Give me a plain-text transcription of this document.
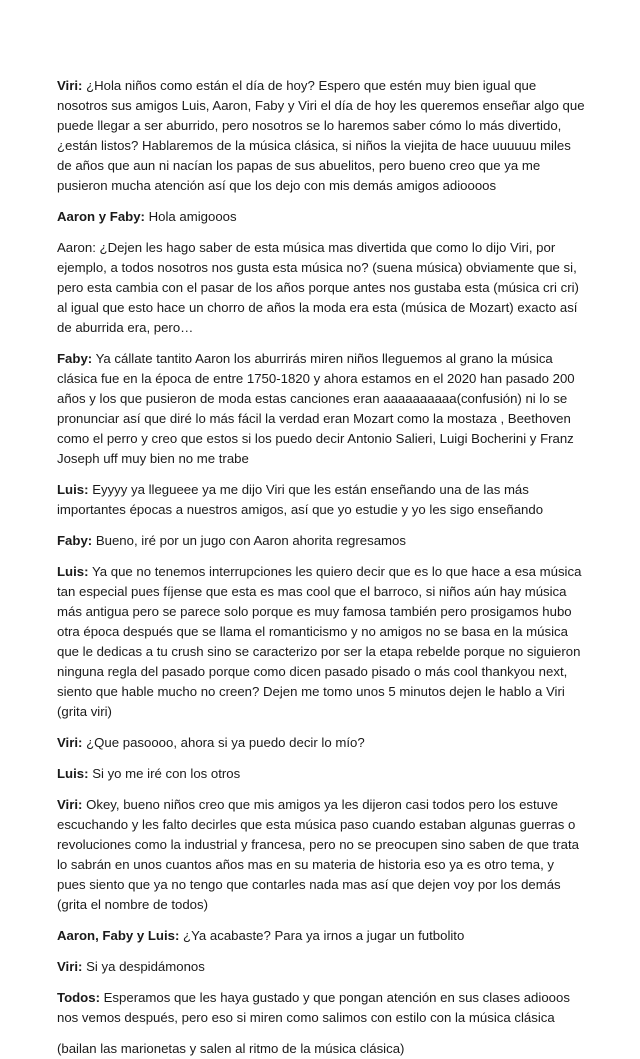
Viri: ¿Hola niños como están el día de hoy? Espero que estén muy bien igual que nosotros sus amigos Luis, Aaron, Faby y Viri el día de hoy les queremos enseñar algo que puede llegar a ser aburrido, pero nosotros se lo haremos saber cómo lo más divertido, ¿están listos? Hablaremos de la música clásica, si niños la viejita de hace uuuuuu miles de años que aun ni nacían los papas de sus abuelitos, pero bueno creo que ya me pusieron mucha atención así que los dejo con mis demás amigos adioooos

Aaron y Faby: Hola amigooos

Aaron: ¿Dejen les hago saber de esta música mas divertida que como lo dijo Viri, por ejemplo, a todos nosotros nos gusta esta música no? (suena música) obviamente que si, pero esta cambia con el pasar de los años porque antes nos gustaba esta (música cri cri) al igual que esto hace un chorro de años la moda era esta (música de Mozart) exacto así de aburrida era, pero…

Faby: Ya cállate tantito Aaron los aburrirás miren niños lleguemos al grano la música clásica fue en la época de entre 1750-1820 y ahora estamos en el 2020 han pasado 200 años y los que pusieron de moda estas canciones eran aaaaaaaaaa(confusión) ni lo se pronunciar así que diré lo más fácil la verdad eran Mozart como la mostaza , Beethoven como el perro y creo que estos si los puedo decir Antonio Salieri, Luigi Bocherini y Franz Joseph uff muy bien no me trabe

Luis: Eyyyy ya llegueee ya me dijo Viri que les están enseñando una de las más importantes épocas a nuestros amigos, así que yo estudie y yo les sigo enseñando

Faby: Bueno, iré por un jugo con Aaron ahorita regresamos

Luis: Ya que no tenemos interrupciones les quiero decir que es lo que hace a esa música tan especial pues fíjense que esta es mas cool que el barroco, si niños aún hay música más antigua pero se parece solo porque es muy famosa también pero prosigamos hubo otra época después que se llama el romanticismo y no amigos no se basa en la música que le dedicas a tu crush sino se caracterizo por ser la etapa rebelde porque no siguieron ninguna regla del pasado porque como dicen pasado pisado o más cool thankyou next, siento que hable mucho no creen? Dejen me tomo unos 5 minutos dejen le hablo a Viri (grita viri)

Viri: ¿Que pasoooo, ahora si ya puedo decir lo mío?

Luis: Si yo me iré con los otros

Viri: Okey, bueno niños creo que mis amigos ya les dijeron casi todos pero los estuve escuchando y les falto decirles que esta música paso cuando estaban algunas guerras o revoluciones como la industrial y francesa, pero no se preocupen sino saben de que trata lo sabrán en unos cuantos años mas en su materia de historia eso ya es otro tema, y pues siento que ya no tengo que contarles nada mas así que dejen voy por los demás (grita el nombre de todos)

Aaron, Faby y Luis: ¿Ya acabaste? Para ya irnos a jugar un futbolito

Viri: Si ya despidámonos

Todos: Esperamos que les haya gustado y que pongan atención en sus clases adiooos nos vemos después, pero eso si miren como salimos con estilo con la música clásica

(bailan las marionetas y salen al ritmo de la música clásica)
